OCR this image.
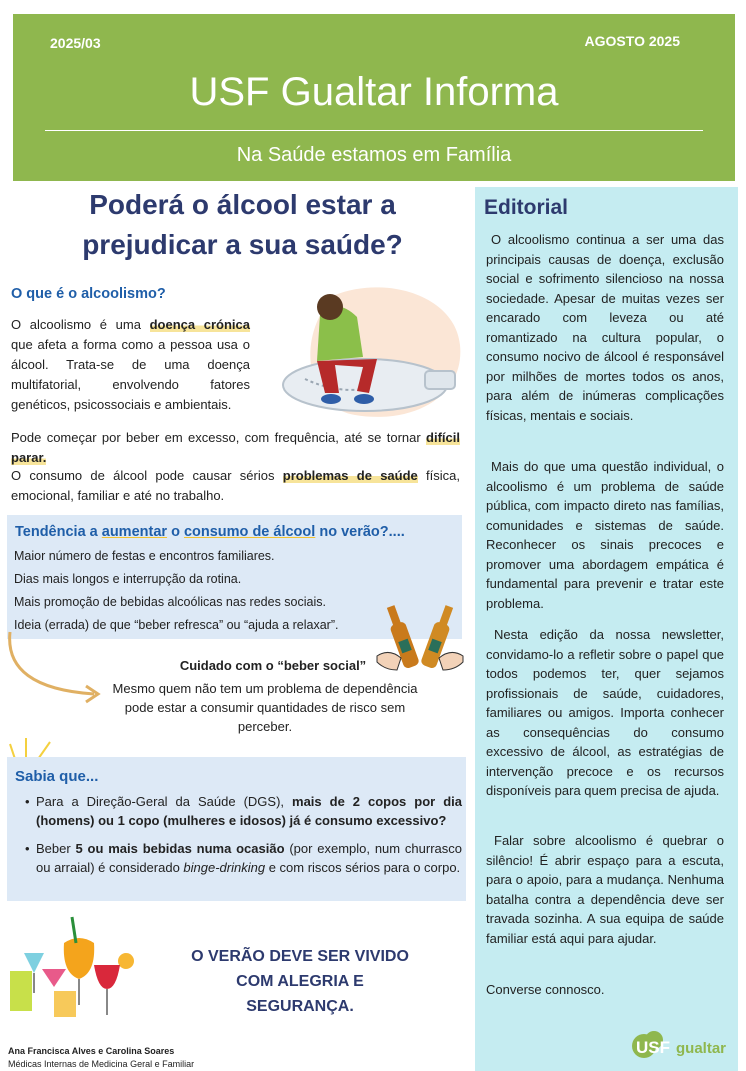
2025/03	AGOSTO 2025
USF Gualtar Informa
Na Saúde estamos em Família
Poderá o álcool estar a
prejudicar a sua saúde?
O que é o alcoolismo?
O alcoolismo é uma doença crónica que afeta a forma como a pessoa usa o álcool. Trata-se de uma doença multifatorial, envolvendo fatores genéticos, psicossociais e ambientais.
Pode começar por beber em excesso, com frequência, até se tornar difícil parar.
O consumo de álcool pode causar sérios problemas de saúde física, emocional, familiar e até no trabalho.
Tendência a aumentar o consumo de álcool no verão?....
Maior número de festas e encontros familiares.
Dias mais longos e interrupção da rotina.
Mais promoção de bebidas alcoólicas nas redes sociais.
Ideia (errada) de que “beber refresca” ou “ajuda a relaxar”.
Cuidado com o “beber social”
Mesmo quem não tem um problema de dependência pode estar a consumir quantidades de risco sem perceber.
Sabia que...
• Para a Direção-Geral da Saúde (DGS), mais de 2 copos por dia (homens) ou 1 copo (mulheres e idosos) já é consumo excessivo?
• Beber 5 ou mais bebidas numa ocasião (por exemplo, num churrasco ou arraial) é considerado binge-drinking e com riscos sérios para o corpo.
O VERÃO DEVE SER VIVIDO
COM ALEGRIA E
SEGURANÇA.
Ana Francisca Alves e Carolina Soares
Médicas Internas de Medicina Geral e Familiar
Editorial
O alcoolismo continua a ser uma das principais causas de doença, exclusão social e sofrimento silencioso na nossa sociedade. Apesar de muitas vezes ser encarado com leveza ou até romantizado na cultura popular, o consumo nocivo de álcool é responsável por milhões de mortes todos os anos, para além de inúmeras complicações físicas, mentais e sociais.
Mais do que uma questão individual, o alcoolismo é um problema de saúde pública, com impacto direto nas famílias, comunidades e sistemas de saúde. Reconhecer os sinais precoces e promover uma abordagem empática é fundamental para prevenir e tratar este problema.
Nesta edição da nossa newsletter, convidamo-lo a refletir sobre o papel que todos podemos ter, quer sejamos profissionais de saúde, cuidadores, familiares ou amigos. Importa conhecer as consequências do consumo excessivo de álcool, as estratégias de intervenção precoce e os recursos disponíveis para quem precisa de ajuda.
Falar sobre alcoolismo é quebrar o silêncio! É abrir espaço para a escuta, para o apoio, para a mudança. Nenhuma batalha contra a dependência deve ser travada sozinha. A sua equipa de saúde familiar está aqui para ajudar.
Converse connosco.
USF gualtar
